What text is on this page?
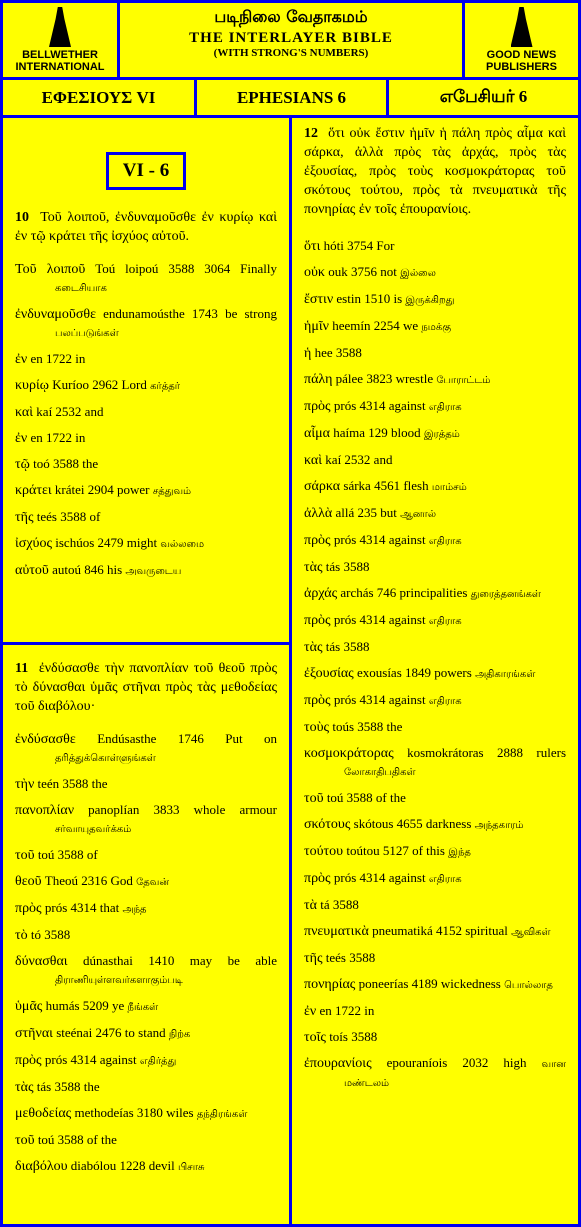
BELLWETHER INTERNATIONAL
படிநிலை வேதாகமம்
THE INTERLAYER BIBLE
(WITH STRONG'S NUMBERS)	GOOD NEWS PUBLISHERS
ΕΦΕΣΙΟΥΣ VI	EPHESIANS 6	எபேசியர் 6
VI - 6
10 Τοῦ λοιποῦ, ἐνδυναμοῦσθε ἐν κυρίῳ καὶ ἐν τῷ κράτει τῆς ἰσχύος αὐτοῦ.
Τοῦ λοιποῦ Toú loipoú 3588 3064 Finally கடைசியாக
ἐνδυναμοῦσθε endunamoústhe 1743 be strong பலப்படுங்கள்
ἐν en 1722 in
κυρίῳ Kuríoo 2962 Lord கர்த்தர்
καὶ kaí 2532 and
ἐν en 1722 in
τῷ toó 3588 the
κράτει krátei 2904 power சத்துவம்
τῆς teés 3588 of
ἰσχύος ischúos 2479 might வல்லமை
αὐτοῦ autoú 846 his அவருடைய
11 ἐνδύσασθε τὴν πανοπλίαν τοῦ θεοῦ πρὸς τὸ δύνασθαι ὑμᾶς στῆναι πρὸς τὰς μεθοδείας τοῦ διαβόλου·
ἐνδύσασθε Endúsasthe 1746 Put on தரித்துக்கொள்ளுங்கள்
τὴν teén 3588 the
πανοπλίαν panoplían 3833 whole armour சர்வாயுதவர்க்கம்
τοῦ toú 3588 of
θεοῦ Theoú 2316 God தேவன்
πρὸς prós 4314 that அந்த
τὸ tó 3588
δύνασθαι dúnasthai 1410 may be able திராணியுள்ளவர்களாகும்படி
ὑμᾶς humás 5209 ye நீங்கள்
στῆναι steénai 2476 to stand நிற்க
πρὸς prós 4314 against எதிர்த்து
τὰς tás 3588 the
μεθοδείας methodeías 3180 wiles தந்திரங்கள்
τοῦ toú 3588 of the
διαβόλου diabólou 1228 devil பிசாசு
12 ὅτι οὐκ ἔστιν ἡμῖν ἡ πάλη πρὸς αἷμα καὶ σάρκα, ἀλλὰ πρὸς τὰς ἀρχάς, πρὸς τὰς ἐξουσίας, πρὸς τοὺς κοσμοκράτορας τοῦ σκότους τούτου, πρὸς τὰ πνευματικὰ τῆς πονηρίας ἐν τοῖς ἐπουρανίοις.
ὅτι hóti 3754 For
οὐκ ouk 3756 not இல்லை
ἔστιν estin 1510 is இருக்கிறது
ἡμῖν heemín 2254 we நமக்கு
ἡ hee 3588
πάλη pálee 3823 wrestle போராட்டம்
πρὸς prós 4314 against எதிராக
αἷμα haíma 129 blood இரத்தம்
καὶ kaí 2532 and
σάρκα sárka 4561 flesh மாம்சம்
ἀλλὰ allá 235 but ஆனால்
πρὸς prós 4314 against எதிராக
τὰς tás 3588
ἀρχάς archás 746 principalities துரைத்தனங்கள்
πρὸς prós 4314 against எதிராக
τὰς tás 3588
ἐξουσίας exousías 1849 powers அதிகாரங்கள்
πρὸς prós 4314 against எதிராக
τοὺς toús 3588 the
κοσμοκράτορας kosmokrátoras 2888 rulers லோகாதிபதிகள்
τοῦ toú 3588 of the
σκότους skótous 4655 darkness அந்தகாரம்
τούτου toútou 5127 of this இந்த
πρὸς prós 4314 against எதிராக
τὰ tá 3588
πνευματικὰ pneumatiká 4152 spiritual ஆவிகள்
τῆς teés 3588
πονηρίας poneerías 4189 wickedness பொல்லாத
ἐν en 1722 in
τοῖς toís 3588
ἐπουρανίοις epouraníois 2032 high வான மண்டலம்
